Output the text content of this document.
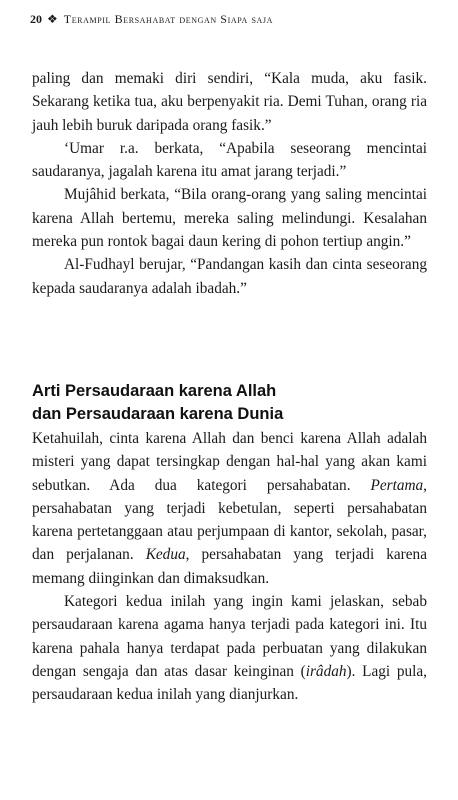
20 ❖ Terampil Bersahabat dengan Siapa saja

paling dan memaki diri sendiri, “Kala muda, aku fasik. Sekarang ketika tua, aku berpenyakit ria. Demi Tuhan, orang ria jauh lebih buruk daripada orang fasik.”

‘Umar r.a. berkata, “Apabila seseorang mencintai saudaranya, jagalah karena itu amat jarang terjadi.”

Mujâhid berkata, “Bila orang-orang yang saling mencintai karena Allah bertemu, mereka saling melindungi. Kesalahan mereka pun rontok bagai daun kering di pohon tertiup angin.”

Al-Fudhayl berujar, “Pandangan kasih dan cinta seseorang kepada saudaranya adalah ibadah.”

Arti Persaudaraan karena Allah
dan Persaudaraan karena Dunia

Ketahuilah, cinta karena Allah dan benci karena Allah adalah misteri yang dapat tersingkap dengan hal-hal yang akan kami sebutkan. Ada dua kategori persahabatan. Pertama, persahabatan yang terjadi kebetulan, seperti persahabatan karena pertetanggaan atau perjumpaan di kantor, sekolah, pasar, dan perjalanan. Kedua, persahabatan yang terjadi karena memang diinginkan dan dimaksudkan.

Kategori kedua inilah yang ingin kami jelaskan, sebab persaudaraan karena agama hanya terjadi pada kategori ini. Itu karena pahala hanya terdapat pada perbuatan yang dilakukan dengan sengaja dan atas dasar keinginan (irâdah). Lagi pula, persaudaraan kedua inilah yang dianjurkan.
